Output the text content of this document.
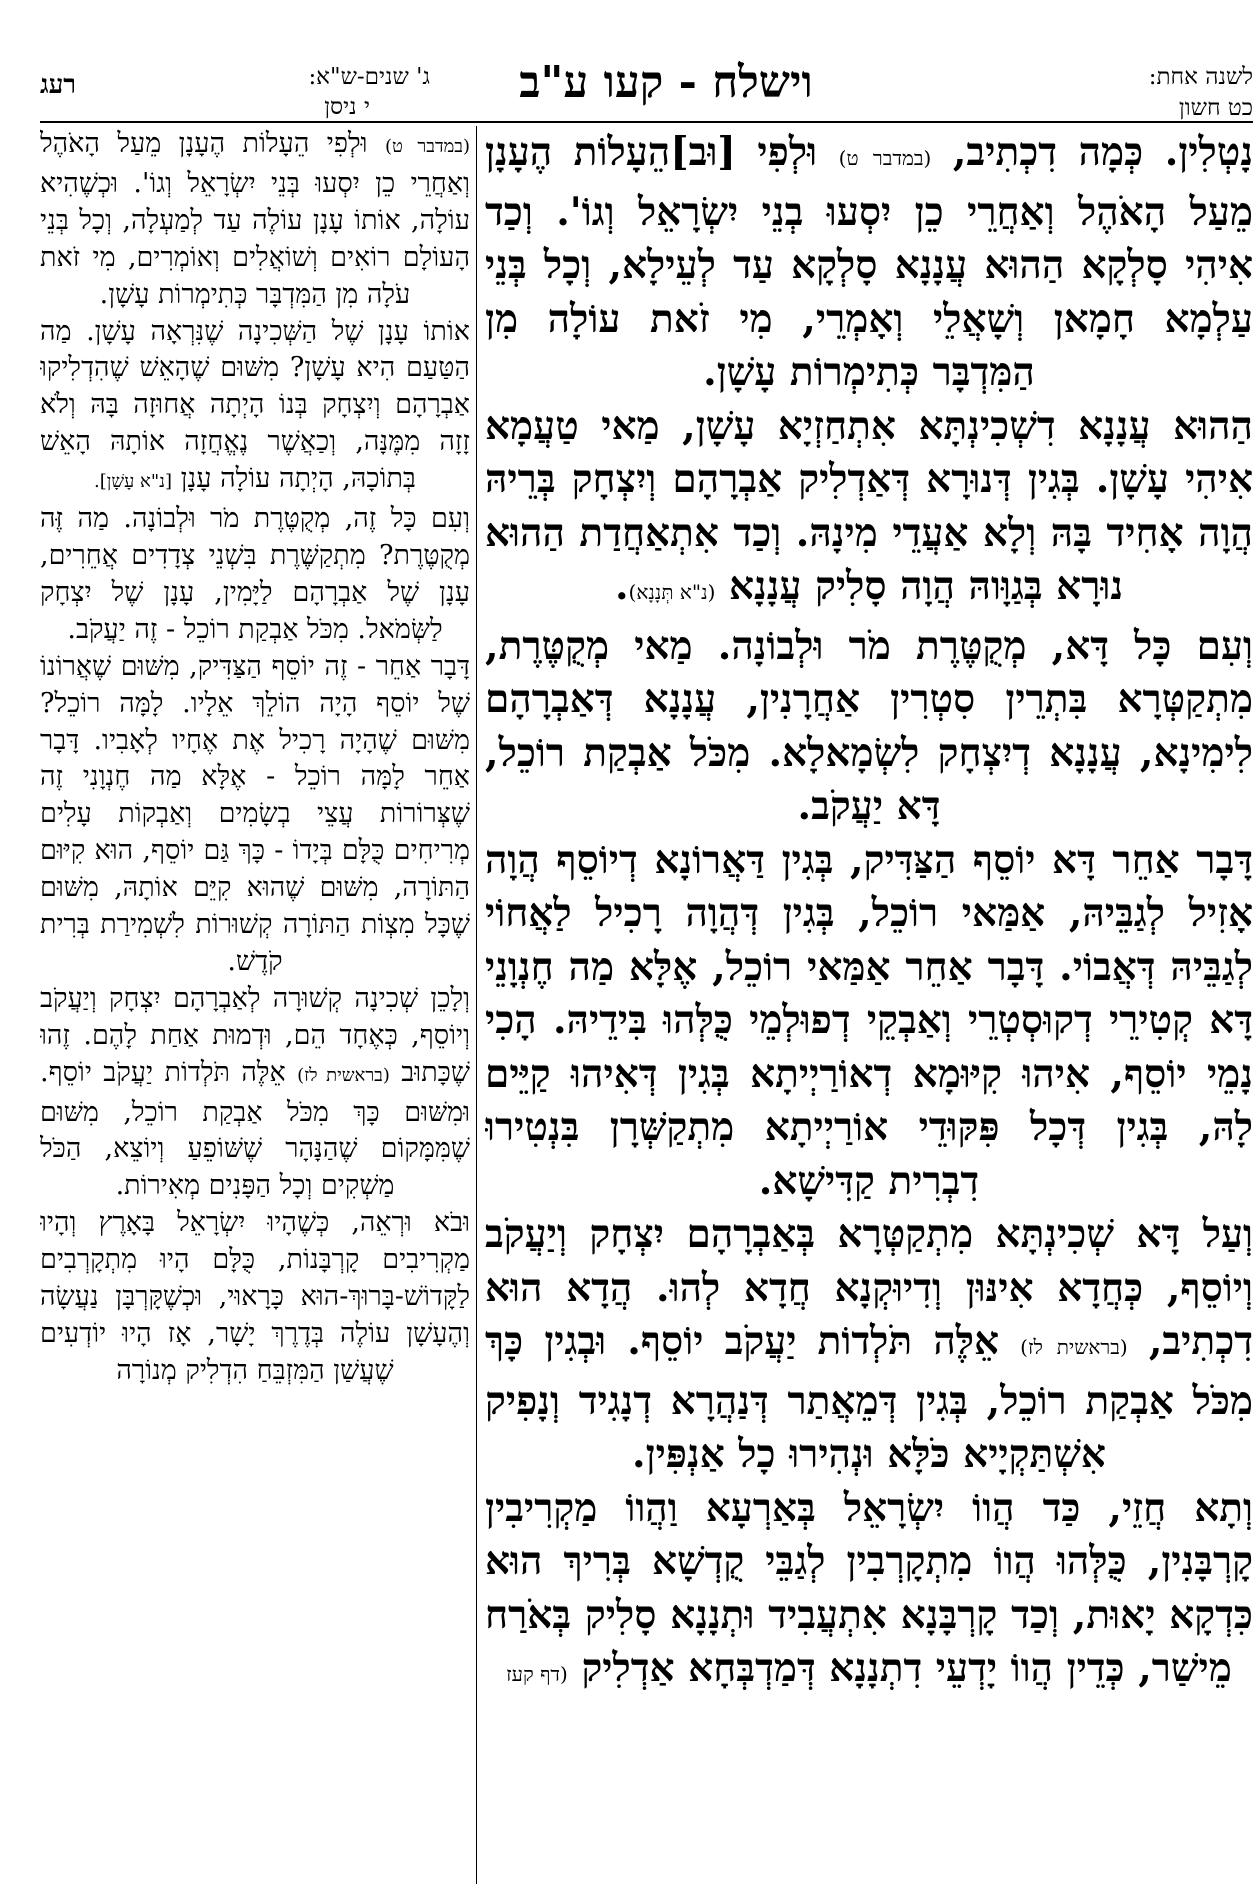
לשנה אחת:
כט חשון
וישלח - קעו ע"ב
ג' שנים-ש"א:
י ניסן
רעג

נָטְלִין. כְּמָה דִכְתִיב, (במדבר ט) וּלְפִי [וּב]הֵעָלוֹת הֶעָנָן מֵעַל הָאֹהֶל וְאַחֲרֵי כֵן יִסְעוּ בְנֵי יִשְׂרָאֵל וְגוֹ'. וְכַד אִיהִי סָלְקָא הַהוּא עֲנָנָא סָלְקָא עַד לְעֵילָא, וְכָל בְּנֵי עַלְמָא חָמָאן וְשָׁאֲלֵי וְאָמְרֵי, מִי זֹאת עוֹלָה מִן הַמִּדְבָּר כְּתִימְרוֹת עָשָׁן.

הַהוּא עֲנָנָא דִשְׁכִינְתָּא אִתְחַזְיָא עָשָׁן, מַאי טַעֲמָא אִיהִי עָשָׁן. בְּגִין דְּנוּרָא דְּאַדְלִיק אַבְרָהָם וְיִצְחָק בְּרֵיהּ הֲוָה אָחִיד בָּהּ וְלָא אַעֲדֵי מִינָהּ. וְכַד אִתְאַחֲדַת הַהוּא נוּרָא בְּגַוָּוהּ הֲוָה סָלִיק עֲנָנָא (נ"א תְּנָנָא).

וְעִם כָּל דָּא, מְקֻטֶּרֶת מֹר וּלְבוֹנָה. מַאי מְקֻטֶּרֶת, מִתְקַטְּרָא בִּתְרֵין סִטְרִין אַחֲרָנִין, עֲנָנָא דְּאַבְרָהָם לִימִינָא, עֲנָנָא דְיִצְחָק לִשְׂמָאלָא. מִכֹּל אַבְקַת רוֹכֵל, דָּא יַעֲקֹב.

דָּבָר אַחֵר דָּא יוֹסֵף הַצַּדִּיק, בְּגִין דַּאֲרוֹנָא דְיוֹסֵף הֲוָה אָזִיל לְגַבֵּיהּ, אַמַּאי רוֹכֵל, בְּגִין דְּהֲוָה רָכִיל לַאֲחוֹי לְגַבֵּיהּ דְּאֲבוֹי. דָּבָר אַחֵר אַמַּאי רוֹכֵל, אֶלָּא מַה חֶנְוָנֵי דָּא קְטִירֵי דְקוּסְטְרֵי וְאַבְקֵי דְפוּלְמֵי כֻּלְּהוּ בִּידֵיהּ. הָכִי נָמֵי יוֹסֵף, אִיהוּ קִיּוּמָא דְאוֹרַיְיתָא בְּגִין דְּאִיהוּ קַיֵּים לָהּ, בְּגִין דְּכָל פִּקּוּדֵי אוֹרַיְיתָא מִתְקַשְּׁרָן בִּנְטִירוּ דִבְרִית קַדִּישָׁא.

וְעַל דָּא שְׁכִינְתָּא מִתְקַטְּרָא בְּאַבְרָהָם יִצְחָק וְיַעֲקֹב וְיוֹסֵף, כְּחֲדָא אִינּוּן וְדִיוּקְנָא חֲדָא לְהוּ. הֲדָא הוּא דִכְתִיב, (בראשית לז) אֵלֶּה תֹּלְדוֹת יַעֲקֹב יוֹסֵף. וּבְגִין כָּךְ מִכֹּל אַבְקַת רוֹכֵל, בְּגִין דְּמֵאֲתַר דְּנַהֲרָא דְנָגִיד וְנָפִיק אִשְׁתַּקְיָיא כֹּלָּא וּנְהִירוּ כָל אַנְפִּין.

וְתָא חֲזֵי, כַּד הֲווֹ יִשְׂרָאֵל בְּאַרְעָא וַהֲווֹ מַקְרִיבִין קָרְבָּנִין, כֻּלְּהוּ הֲווֹ מִתְקָרְבִין לְגַבֵּי קֻדְשָׁא בְּרִיךְ הוּא כִּדְקָא יָאוּת, וְכַד קָרְבָּנָא אִתְעֲבִיד וּתְנָנָא סָלִיק בְּאֹרַח מֵישַׁר, כְּדֵין הֲווֹ יָדְעֵי דִתְנָנָא דְּמַדְבְּחָא אַדְלִיק (דף קעז

(במדבר ט) וּלְפִי הֵעָלוֹת הֶעָנָן מֵעַל הָאֹהֶל וְאַחֲרֵי כֵן יִסְעוּ בְּנֵי יִשְׂרָאֵל וְגוֹ'. וּכְשֶׁהִיא עוֹלָה, אוֹתוֹ עָנָן עוֹלֶה עַד לְמַעְלָה, וְכָל בְּנֵי הָעוֹלָם רוֹאִים וְשׁוֹאֲלִים וְאוֹמְרִים, מִי זֹאת עֹלָה מִן הַמִּדְבָּר כְּתִימְרוֹת עָשָׁן.

אוֹתוֹ עָנָן שֶׁל הַשְּׁכִינָה שֶׁנִּרְאָה עָשָׁן. מַה הַטַּעַם הִיא עָשָׁן? מִשּׁוּם שֶׁהָאֵשׁ שֶׁהִדְלִיקוּ אַבְרָהָם וְיִצְחָק בְּנוֹ הָיְתָה אֲחוּזָה בָּהּ וְלֹא זָזָה מִמֶּנָּה, וְכַאֲשֶׁר נֶאֱחֲזָה אוֹתָהּ הָאֵשׁ בְּתוֹכָהּ, הָיְתָה עוֹלָה עָנָן [נ"א עָשָׁן].

וְעִם כָּל זֶה, מְקֻטֶּרֶת מֹר וּלְבוֹנָה. מַה זֶּה מְקֻטֶּרֶת? מִתְקַשֶּׁרֶת בִּשְׁנֵי צְדָדִים אֲחֵרִים, עָנָן שֶׁל אַבְרָהָם לַיָּמִין, עָנָן שֶׁל יִצְחָק לַשְּׂמֹאל. מִכֹּל אַבְקַת רוֹכֵל - זֶה יַעֲקֹב.

דָּבָר אַחֵר - זֶה יוֹסֵף הַצַּדִּיק, מִשּׁוּם שֶׁאֲרוֹנוֹ שֶׁל יוֹסֵף הָיָה הוֹלֵךְ אֵלָיו. לָמָּה רוֹכֵל? מִשּׁוּם שֶׁהָיָה רָכִיל אֶת אֶחָיו לְאָבִיו. דָּבָר אַחֵר לָמָּה רוֹכֵל - אֶלָּא מַה חֶנְוָנִי זֶה שֶׁצְּרוֹרוֹת עֲצֵי בְשָׂמִים וְאַבְקוֹת עָלִים מְרִיחִים כֻּלָּם בְּיָדוֹ - כָּךְ גַּם יוֹסֵף, הוּא קִיּוּם הַתּוֹרָה, מִשּׁוּם שֶׁהוּא קִיֵּם אוֹתָהּ, מִשּׁוּם שֶׁכָּל מִצְוֹת הַתּוֹרָה קְשׁוּרוֹת לִשְׁמִירַת בְּרִית קֹדֶשׁ.

וְלָכֵן שְׁכִינָה קְשׁוּרָה לְאַבְרָהָם יִצְחָק וְיַעֲקֹב וְיוֹסֵף, כְּאֶחָד הֵם, וּדְמוּת אַחַת לָהֶם. זֶהוּ שֶׁכָּתוּב (בראשית לז) אֵלֶּה תֹּלְדוֹת יַעֲקֹב יוֹסֵף. וּמִשּׁוּם כָּךְ מִכֹּל אַבְקַת רוֹכֵל, מִשּׁוּם שֶׁמִּמָּקוֹם שֶׁהַנָּהָר שֶׁשּׁוֹפֵעַ וְיוֹצֵא, הַכֹּל מַשְׁקִים וְכָל הַפָּנִים מְאִירוֹת.

וּבֹא וּרְאֵה, כְּשֶׁהָיוּ יִשְׂרָאֵל בָּאָרֶץ וְהָיוּ מַקְרִיבִים קָרְבָּנוֹת, כֻּלָּם הָיוּ מִתְקָרְבִים לַקָּדוֹשׁ-בָּרוּךְ-הוּא כָּרָאוּי, וּכְשֶׁקָּרְבָּן נַעֲשָׂה וְהֶעָשָׁן עוֹלֶה בְּדֶרֶךְ יָשָׁר, אָז הָיוּ יוֹדְעִים שֶׁעֲשַׁן הַמִּזְבֵּחַ הִדְלִיק מְנוֹרָה
